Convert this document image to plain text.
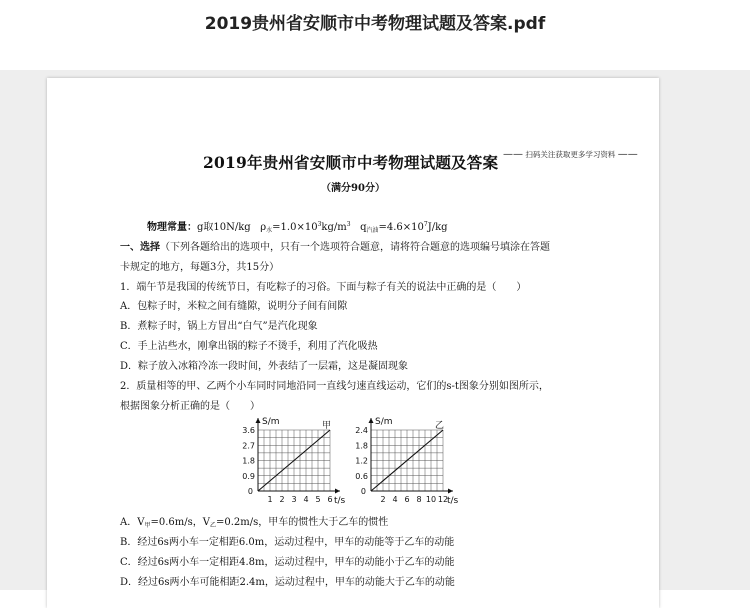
2019贵州省安顺市中考物理试题及答案.pdf
2019年贵州省安顺市中考物理试题及答案 —— 扫码关注获取更多学习资料 ——
（满分90分）
物理常量：g取10N/kg $\rho_水=1.0\times 10^3kg/m^3$ $q_{汽油}=4.6\times 10^7J/kg$
一、选择（下列各题给出的选项中，只有一个选项符合题意，请将符合题意的选项编号填涂在答题
卡规定的地方，每题3分，共15分）
1．端午节是我国的传统节日，有吃粽子的习俗。下面与粽子有关的说法中正确的是（　　）
A．包粽子时，米粒之间有缝隙，说明分子间有间隙
B．煮粽子时，锅上方冒出“白气”是汽化现象
C．手上沾些水，刚拿出锅的粽子不烫手，利用了汽化吸热
D．粽子放入冰箱冷冻一段时间，外表结了一层霜，这是凝固现象
2．质量相等的甲、乙两个小车同时同地沿同一直线匀速直线运动，它们的s-t图象分别如图所示，
根据图象分析正确的是（　　）
1 2 3 4 5 6
0.9
1.8
2.7
3.6
0
t/s
S/m	甲
2 4 6 8 10 12
0.6
1.2
1.8
2.4
0
t/s
S/m	乙
A．$V_甲=0.6m/s$，$V_乙=0.2m/s$，甲车的惯性大于乙车的惯性
B．经过6s两小车一定相距6.0m，运动过程中，甲车的动能等于乙车的动能
C．经过6s两小车一定相距4.8m，运动过程中，甲车的动能小于乙车的动能
D．经过6s两小车可能相距2.4m，运动过程中，甲车的动能大于乙车的动能
